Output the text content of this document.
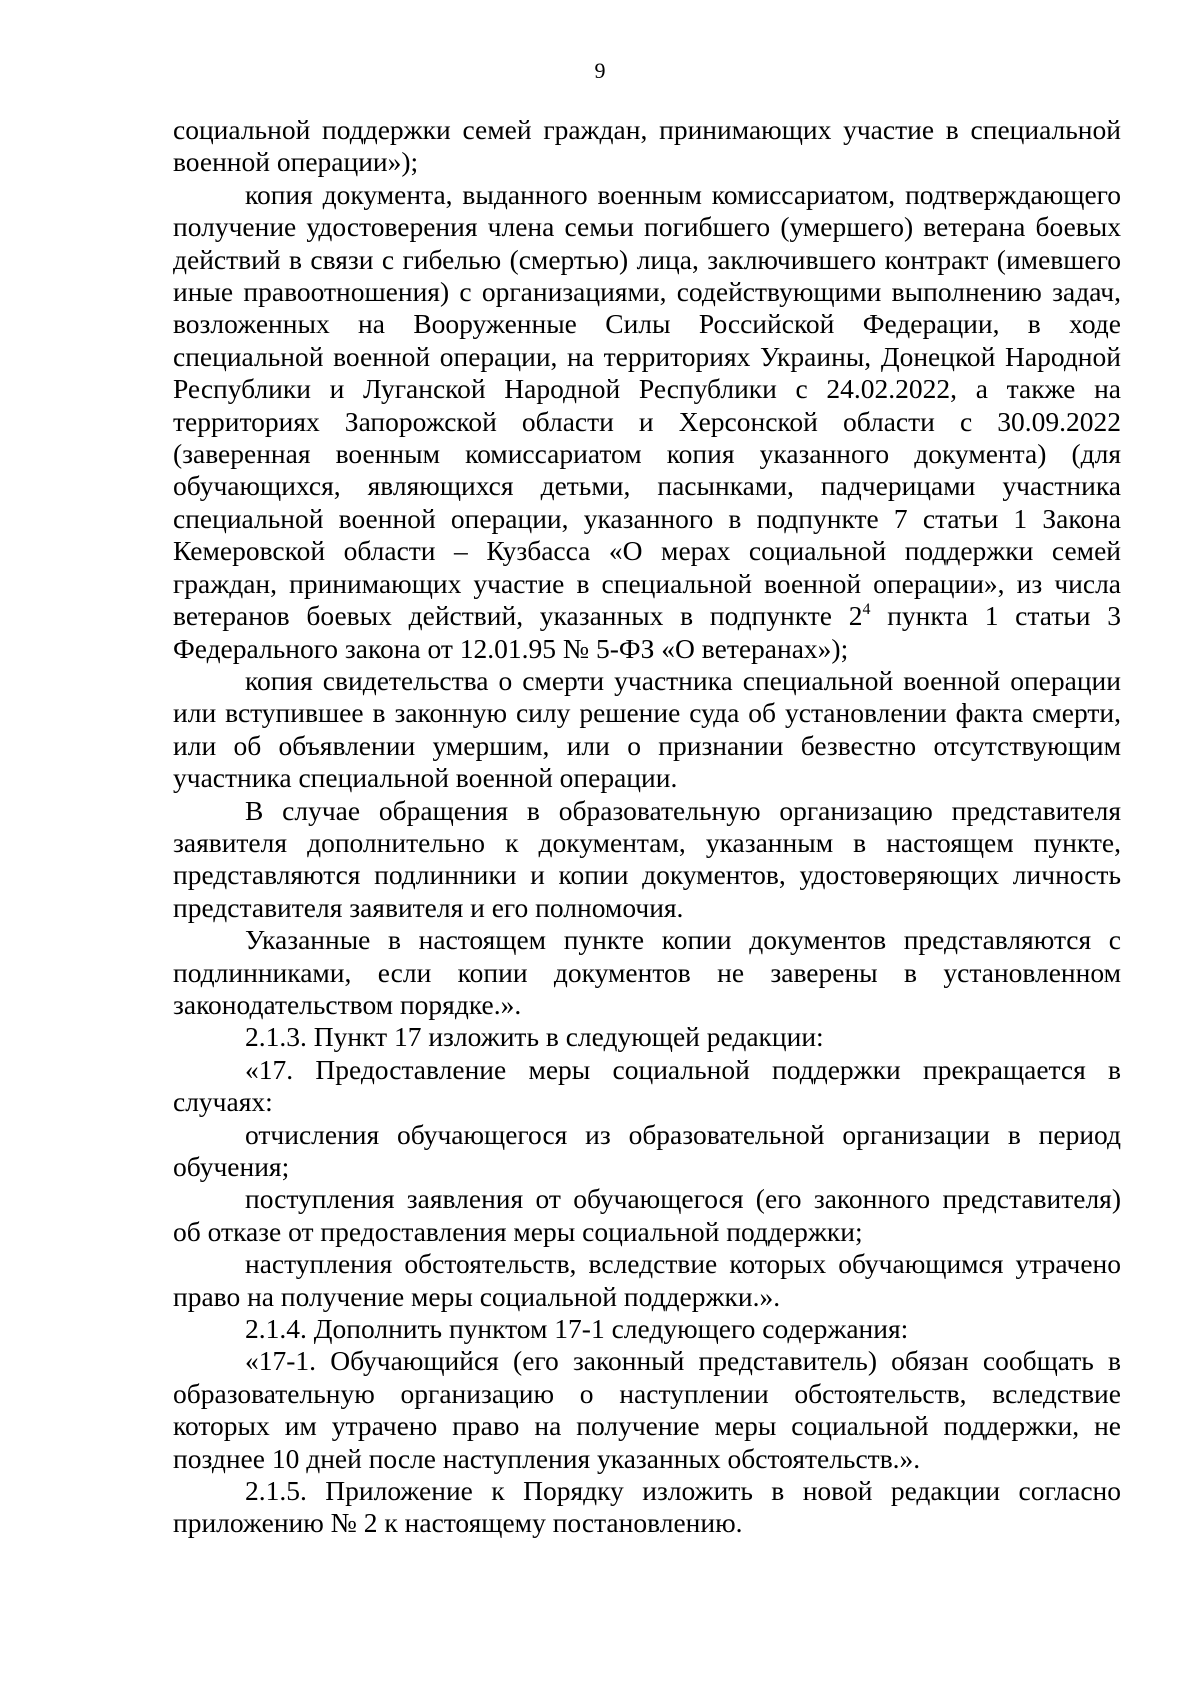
9

социальной поддержки семей граждан, принимающих участие в специальной военной операции»);

копия документа, выданного военным комиссариатом, подтверждающего получение удостоверения члена семьи погибшего (умершего) ветерана боевых действий в связи с гибелью (смертью) лица, заключившего контракт (имевшего иные правоотношения) с организациями, содействующими выполнению задач, возложенных на Вооруженные Силы Российской Федерации, в ходе специальной военной операции, на территориях Украины, Донецкой Народной Республики и Луганской Народной Республики с 24.02.2022, а также на территориях Запорожской области и Херсонской области с 30.09.2022 (заверенная военным комиссариатом копия указанного документа) (для обучающихся, являющихся детьми, пасынками, падчерицами участника специальной военной операции, указанного в подпункте 7 статьи 1 Закона Кемеровской области – Кузбасса «О мерах социальной поддержки семей граждан, принимающих участие в специальной военной операции», из числа ветеранов боевых действий, указанных в подпункте $2^4$ пункта 1 статьи 3 Федерального закона от 12.01.95 № 5-ФЗ «О ветеранах»);

копия свидетельства о смерти участника специальной военной операции или вступившее в законную силу решение суда об установлении факта смерти, или об объявлении умершим, или о признании безвестно отсутствующим участника специальной военной операции.

В случае обращения в образовательную организацию представителя заявителя дополнительно к документам, указанным в настоящем пункте, представляются подлинники и копии документов, удостоверяющих личность представителя заявителя и его полномочия.

Указанные в настоящем пункте копии документов представляются с подлинниками, если копии документов не заверены в установленном законодательством порядке.».

2.1.3. Пункт 17 изложить в следующей редакции:

«17. Предоставление меры социальной поддержки прекращается в случаях:

отчисления обучающегося из образовательной организации в период обучения;

поступления заявления от обучающегося (его законного представителя) об отказе от предоставления меры социальной поддержки;

наступления обстоятельств, вследствие которых обучающимся утрачено право на получение меры социальной поддержки.».

2.1.4. Дополнить пунктом 17-1 следующего содержания:

«17-1. Обучающийся (его законный представитель) обязан сообщать в образовательную организацию о наступлении обстоятельств, вследствие которых им утрачено право на получение меры социальной поддержки, не позднее 10 дней после наступления указанных обстоятельств.».

2.1.5. Приложение к Порядку изложить в новой редакции согласно приложению № 2 к настоящему постановлению.
